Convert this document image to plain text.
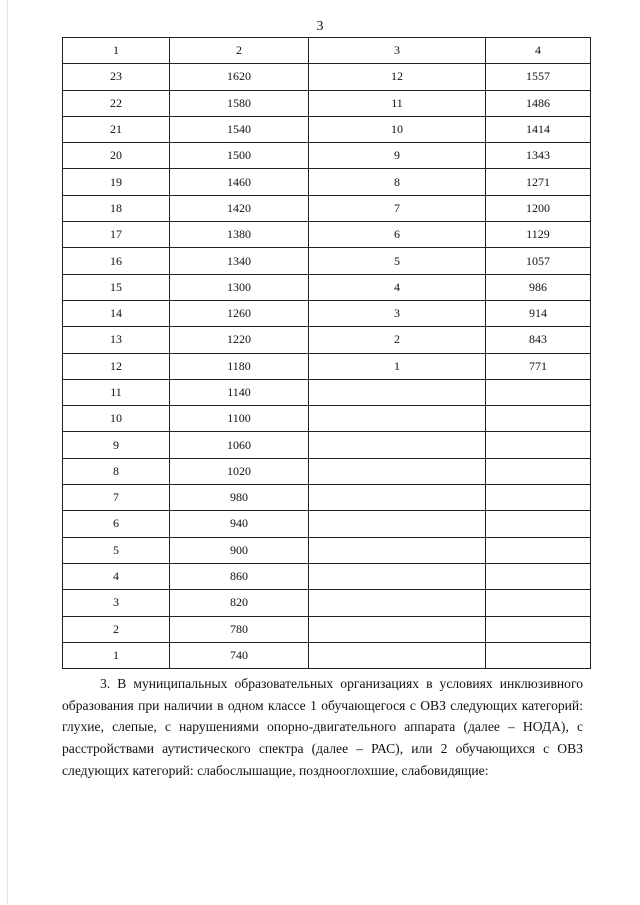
3
1	2	3	4
23	1620	12	1557
22	1580	11	1486
21	1540	10	1414
20	1500	9	1343
19	1460	8	1271
18	1420	7	1200
17	1380	6	1129
16	1340	5	1057
15	1300	4	986
14	1260	3	914
13	1220	2	843
12	1180	1	771
11	1140		
10	1100		
9	1060		
8	1020		
7	980		
6	940		
5	900		
4	860		
3	820		
2	780		
1	740		

3. В муниципальных образовательных организациях в условиях инклюзивного образования при наличии в одном классе 1 обучающегося с ОВЗ следующих категорий: глухие, слепые, с нарушениями опорно-двигательного аппарата (далее – НОДА), с расстройствами аутистического спектра (далее – РАС), или 2 обучающихся с ОВЗ следующих категорий: слабослышащие, позднооглохшие, слабовидящие:
